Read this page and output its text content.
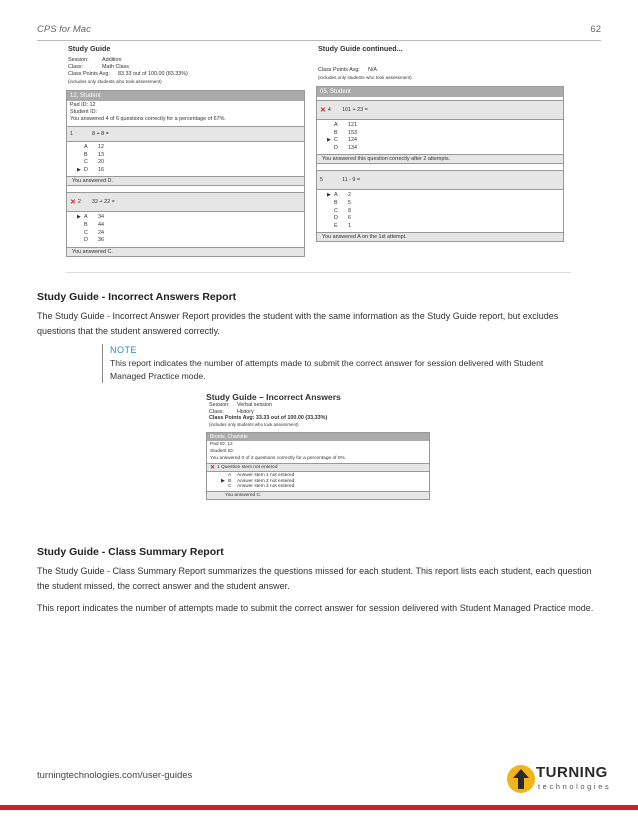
CPS for Mac	62
Study Guide
Session:	Addition
Class:	Math Class
Class Points Avg:	83.33 out of 100.00 (83.33%)
(includes only students who took assessment)
12, Student
Pad ID: 12
Student ID:
You answered 4 of 6 questions correctly for a percentage of 67%.
1	8 + 8 =
A	12
B	13
C	20
▶ D	16
You answered D.
✕ 2 32 + 22 =
▶ A	34
B	44
C	24
D	36
You answered C.
Study Guide continued...
Class Points Avg:	N/A
(includes only students who took assessment)
05, Student
✕ 4 101 + 23 =
A	121
B	153
▶ C	124
D	134
You answered this question correctly after 2 attempts.
5	11 - 9 =
▶ A	2
B	5
C	8
D	6
E	1
You answered A on the 1st attempt.
Study Guide - Incorrect Answers Report

The Study Guide - Incorrect Answer Report provides the student with the same information as the Study Guide report, but excludes questions that the student answered correctly.

NOTE
This report indicates the number of attempts made to submit the correct answer for session delivered with Student Managed Practice mode.
Study Guide – Incorrect Answers
Session:	Verbal session
Class:	History
Class Points Avg: 33.33 out of 100.00 (33.33%)
(includes only students who took assessment)
Bronte, Charlotte
Pad ID: 12
Student ID:
You answered 0 of 2 questions correctly for a percentage of 0%.
✕ 1 Question stem not entered
A	Answer stem 1 not entered
▶ B	Answer stem 2 not entered
C	Answer stem 3 not entered
You answered C.
Study Guide - Class Summary Report

The Study Guide - Class Summary Report summarizes the questions missed for each student. This report lists each student, each question the student missed, the correct answer and the student answer.

This report indicates the number of attempts made to submit the correct answer for session delivered with Student Managed Practice mode.

turningtechnologies.com/user-guides	TURNING
technologies
